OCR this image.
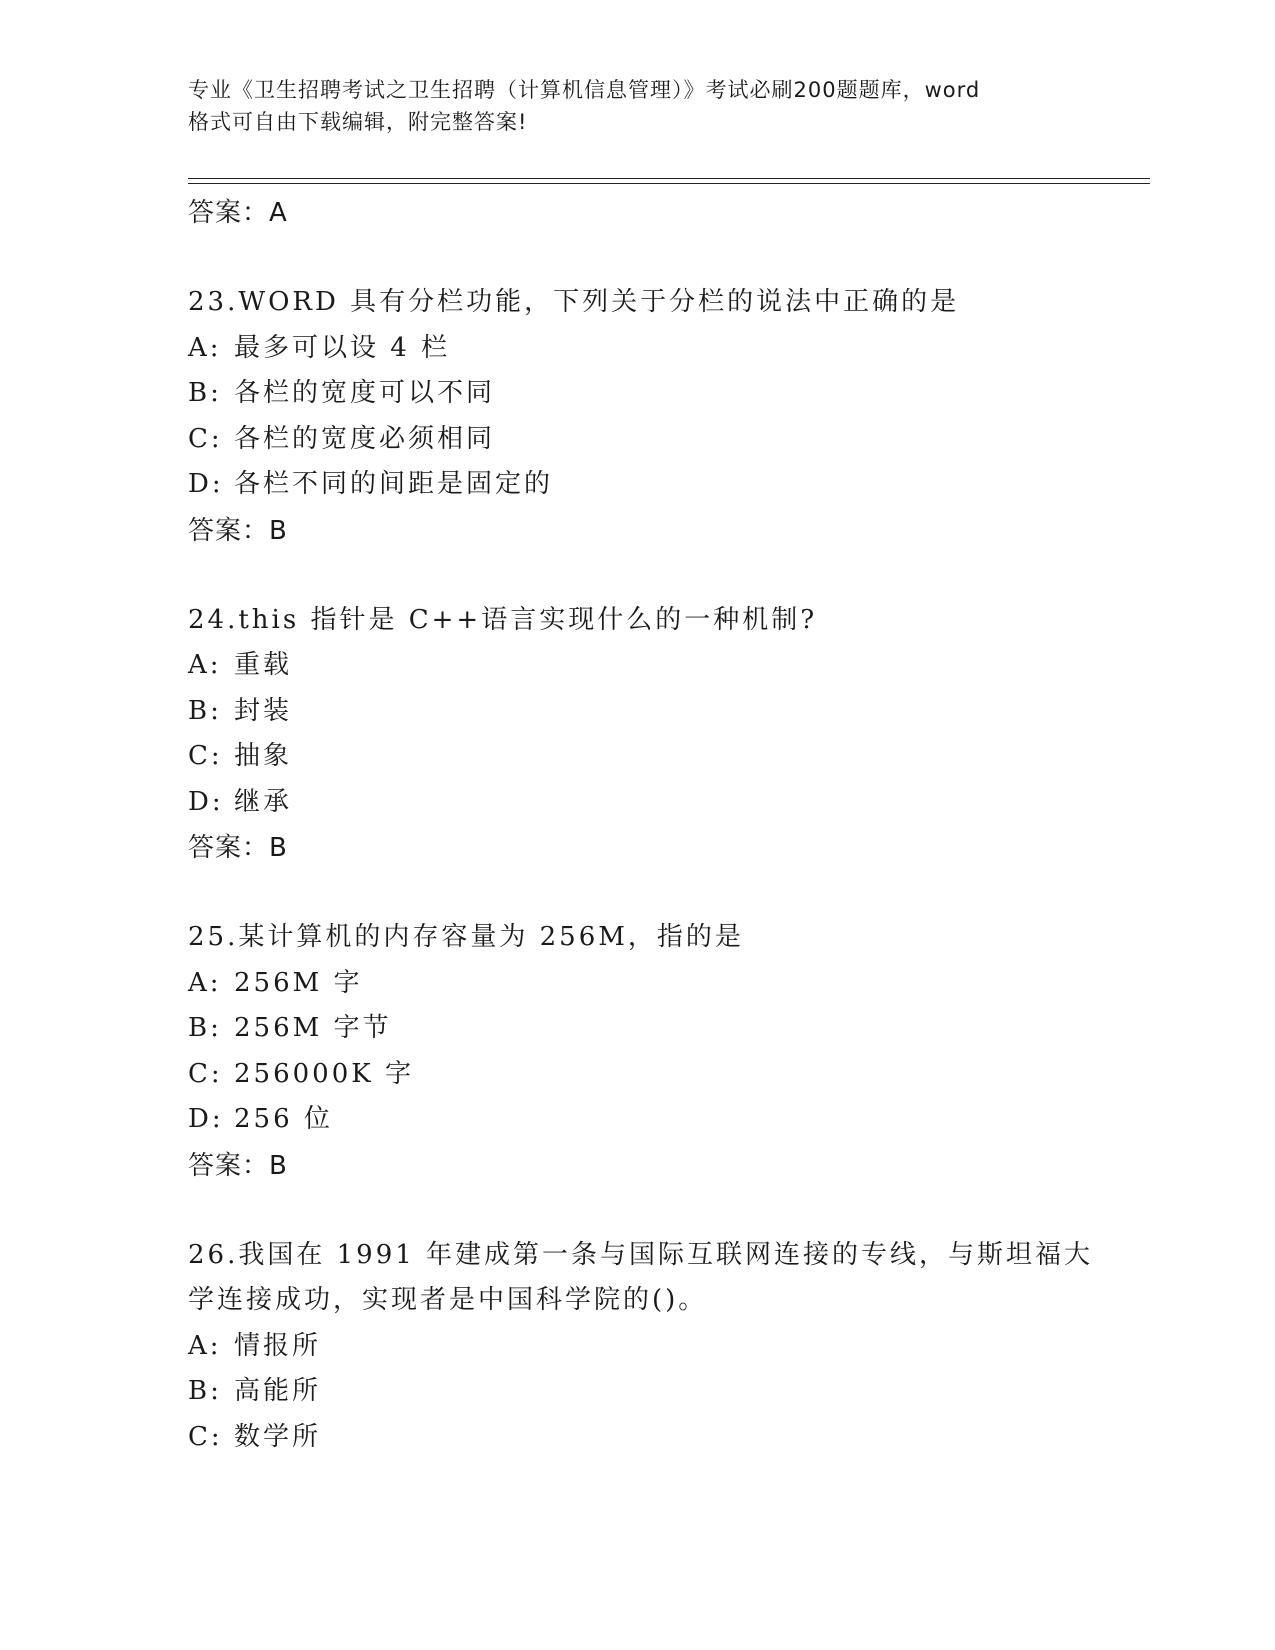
专业《卫生招聘考试之卫生招聘（计算机信息管理）》考试必刷200题题库，word
格式可自由下载编辑，附完整答案!

答案：A

23.WORD 具有分栏功能，下列关于分栏的说法中正确的是

A: 最多可以设 4 栏

B: 各栏的宽度可以不同

C: 各栏的宽度必须相同

D: 各栏不同的间距是固定的

答案：B

24.this 指针是 C++语言实现什么的一种机制?

A: 重载

B: 封装

C: 抽象

D: 继承

答案：B

25.某计算机的内存容量为 256M，指的是

A: 256M 字

B: 256M 字节

C: 256000K 字

D: 256 位

答案：B

26.我国在 1991 年建成第一条与国际互联网连接的专线，与斯坦福大

学连接成功，实现者是中国科学院的()。

A: 情报所

B: 高能所

C: 数学所
